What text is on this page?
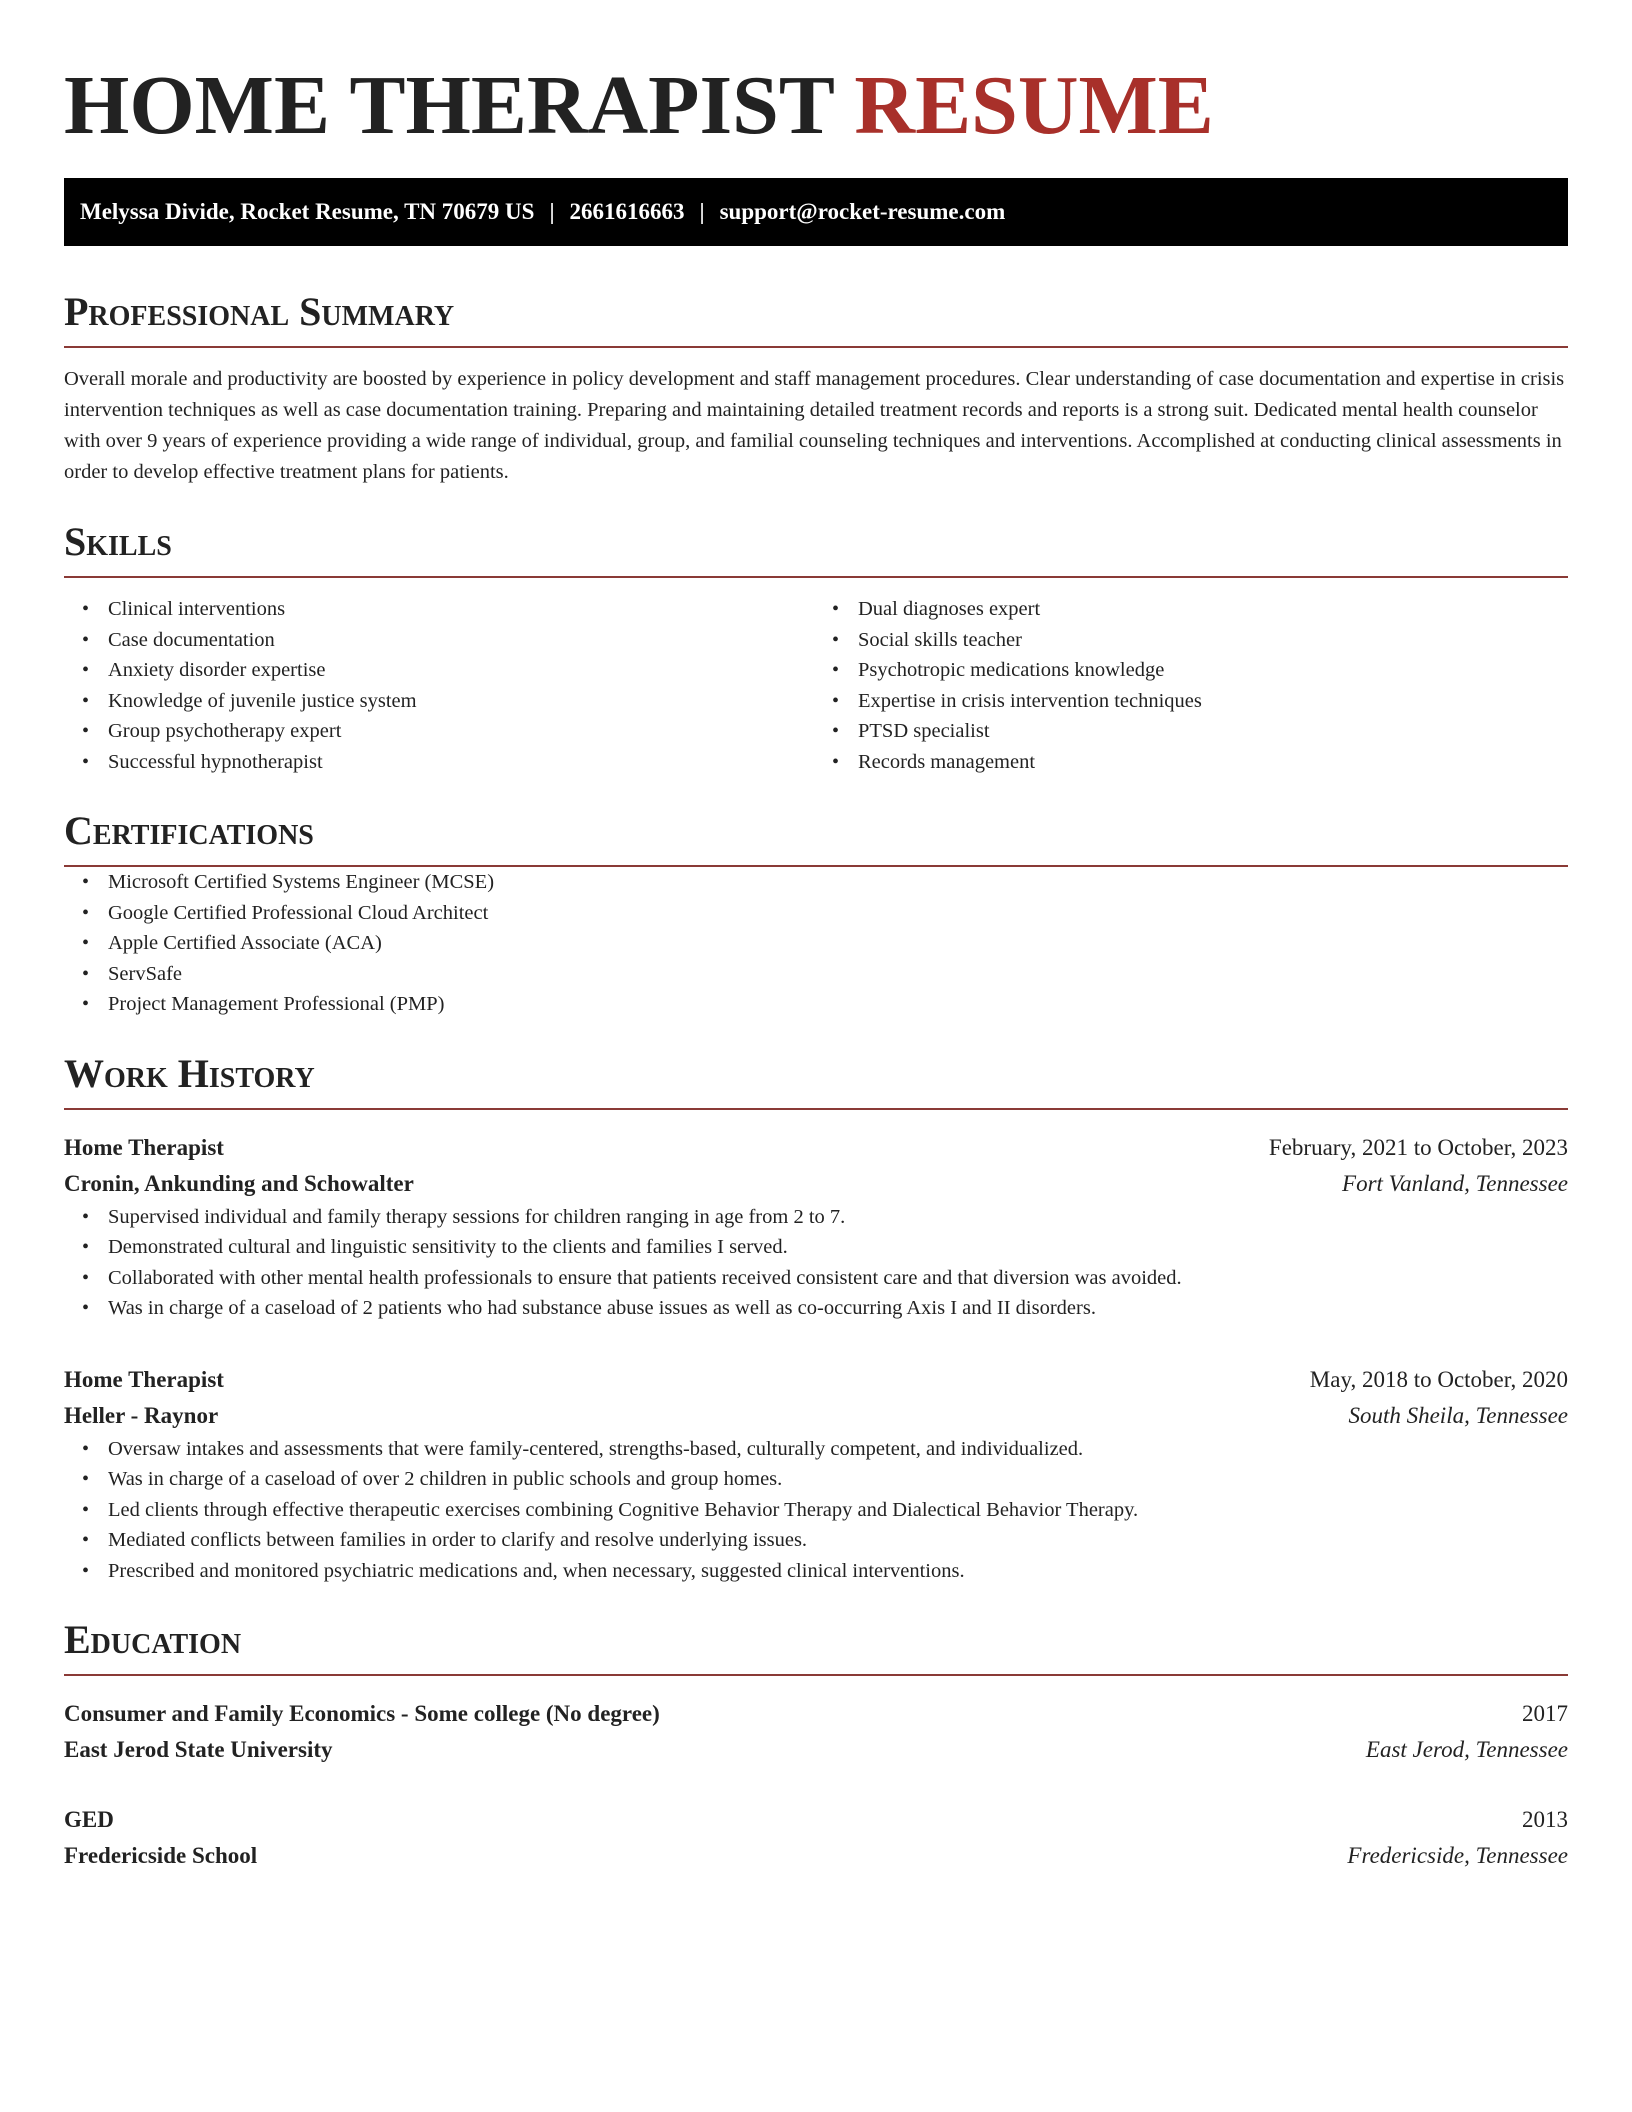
HOME THERAPIST RESUME
Melyssa Divide, Rocket Resume, TN 70679 US | 2661616663 | support@rocket-resume.com
Professional Summary

Overall morale and productivity are boosted by experience in policy development and staff management procedures. Clear understanding of case documentation and expertise in crisis intervention techniques as well as case documentation training. Preparing and maintaining detailed treatment records and reports is a strong suit. Dedicated mental health counselor with over 9 years of experience providing a wide range of individual, group, and familial counseling techniques and interventions. Accomplished at conducting clinical assessments in order to develop effective treatment plans for patients.

Skills
• Clinical interventions
• Case documentation
• Anxiety disorder expertise
• Knowledge of juvenile justice system
• Group psychotherapy expert
• Successful hypnotherapist
• Dual diagnoses expert
• Social skills teacher
• Psychotropic medications knowledge
• Expertise in crisis intervention techniques
• PTSD specialist
• Records management
Certifications
• Microsoft Certified Systems Engineer (MCSE)
• Google Certified Professional Cloud Architect
• Apple Certified Associate (ACA)
• ServSafe
• Project Management Professional (PMP)
Work History
Home Therapist	February, 2021 to October, 2023
Cronin, Ankunding and Schowalter	Fort Vanland, Tennessee
• Supervised individual and family therapy sessions for children ranging in age from 2 to 7.
• Demonstrated cultural and linguistic sensitivity to the clients and families I served.
• Collaborated with other mental health professionals to ensure that patients received consistent care and that diversion was avoided.
• Was in charge of a caseload of 2 patients who had substance abuse issues as well as co-occurring Axis I and II disorders.
Home Therapist	May, 2018 to October, 2020
Heller - Raynor	South Sheila, Tennessee
• Oversaw intakes and assessments that were family-centered, strengths-based, culturally competent, and individualized.
• Was in charge of a caseload of over 2 children in public schools and group homes.
• Led clients through effective therapeutic exercises combining Cognitive Behavior Therapy and Dialectical Behavior Therapy.
• Mediated conflicts between families in order to clarify and resolve underlying issues.
• Prescribed and monitored psychiatric medications and, when necessary, suggested clinical interventions.
Education
Consumer and Family Economics - Some college (No degree)	2017
East Jerod State University	East Jerod, Tennessee
GED	2013
Fredericside School	Fredericside, Tennessee
